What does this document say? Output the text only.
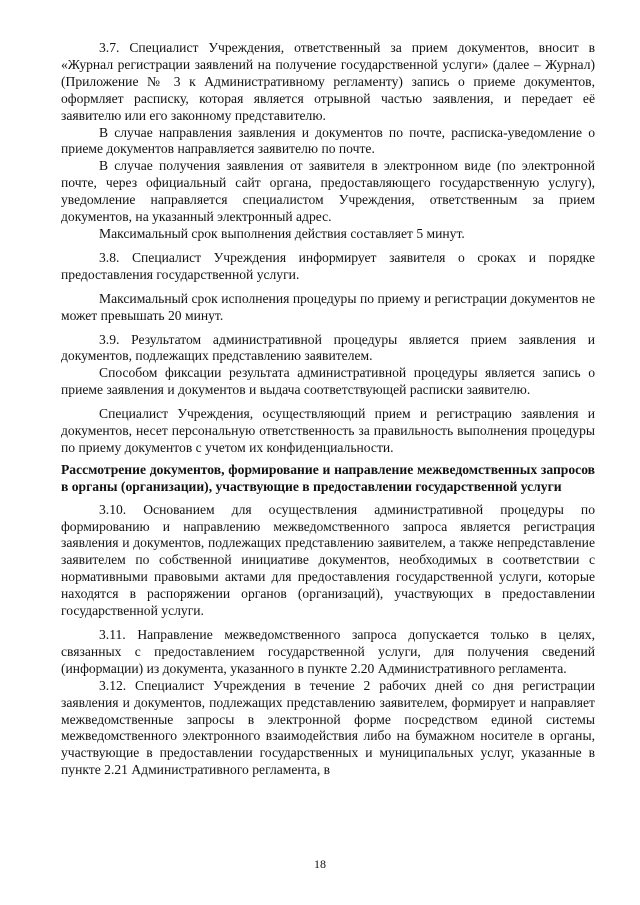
3.7. Специалист Учреждения, ответственный за прием документов, вносит в «Журнал регистрации заявлений на получение государственной услуги» (далее – Журнал) (Приложение № 3 к Административному регламенту) запись о приеме документов, оформляет расписку, которая является отрывной частью заявления, и передает её заявителю или его законному представителю.

В случае направления заявления и документов по почте, расписка-уведомление о приеме документов направляется заявителю по почте.

В случае получения заявления от заявителя в электронном виде (по электронной почте, через официальный сайт органа, предоставляющего государственную услугу), уведомление направляется специалистом Учреждения, ответственным за прием документов, на указанный электронный адрес.

Максимальный срок выполнения действия составляет 5 минут.

3.8. Специалист Учреждения информирует заявителя о сроках и порядке предоставления государственной услуги.

Максимальный срок исполнения процедуры по приему и регистрации документов не может превышать 20 минут.

3.9. Результатом административной процедуры является прием заявления и документов, подлежащих представлению заявителем.

Способом фиксации результата административной процедуры является запись о приеме заявления и документов и выдача соответствующей расписки заявителю.

Специалист Учреждения, осуществляющий прием и регистрацию заявления и документов, несет персональную ответственность за правильность выполнения процедуры по приему документов с учетом их конфиденциальности.

Рассмотрение документов, формирование и направление межведомственных запросов в органы (организации), участвующие в предоставлении государственной услуги

3.10. Основанием для осуществления административной процедуры по формированию и направлению межведомственного запроса является регистрация заявления и документов, подлежащих представлению заявителем, а также непредставление заявителем по собственной инициативе документов, необходимых в соответствии с нормативными правовыми актами для предоставления государственной услуги, которые находятся в распоряжении органов (организаций), участвующих в предоставлении государственной услуги.

3.11. Направление межведомственного запроса допускается только в целях, связанных с предоставлением государственной услуги, для получения сведений (информации) из документа, указанного в пункте 2.20 Административного регламента.

3.12. Специалист Учреждения в течение 2 рабочих дней со дня регистрации заявления и документов, подлежащих представлению заявителем, формирует и направляет межведомственные запросы в электронной форме посредством единой системы межведомственного электронного взаимодействия либо на бумажном носителе в органы, участвующие в предоставлении государственных и муниципальных услуг, указанные в пункте 2.21 Административного регламента, в

18
